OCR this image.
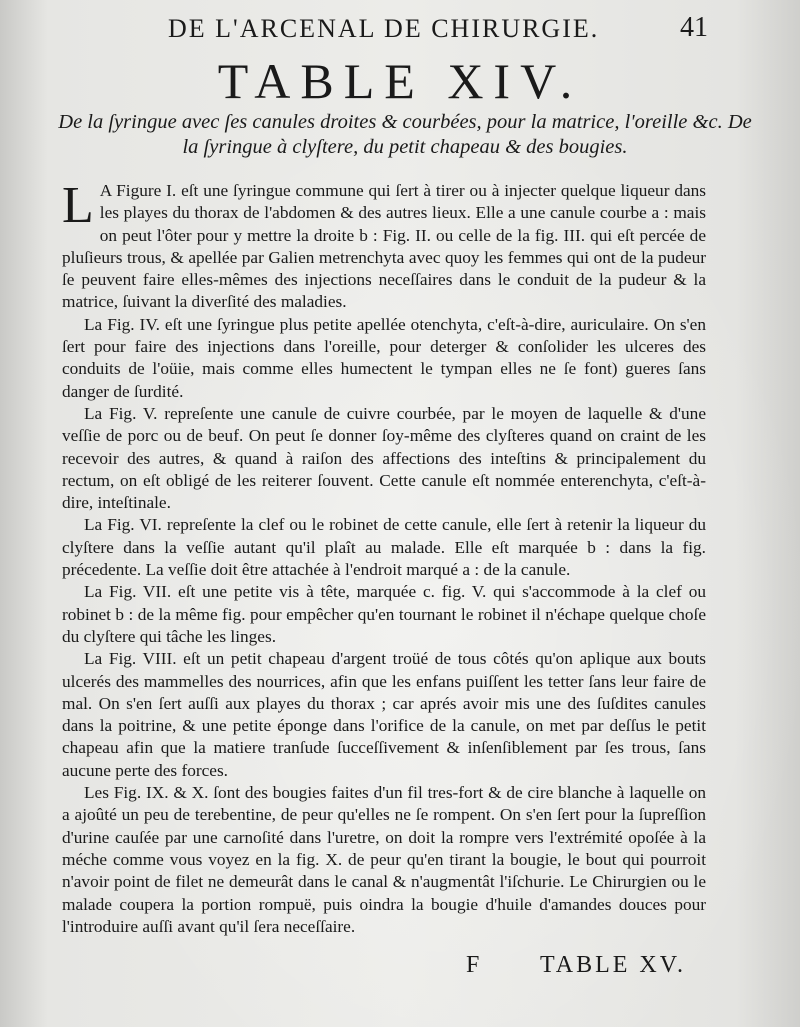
DE L'ARCENAL DE CHIRURGIE.	41
TABLE XIV.
De la ſyringue avec ſes canules droites & courbées, pour la matrice, l'oreille &c. De la ſyringue à clyſtere, du petit chapeau & des bougies.

L A Figure I. eſt une ſyringue commune qui ſert à tirer ou à injecter quelque liqueur dans les playes du thorax de l'abdomen & des autres lieux. Elle a une canule courbe a : mais on peut l'ôter pour y mettre la droite b : Fig. II. ou celle de la fig. III. qui eſt percée de pluſieurs trous, & apellée par Galien metrenchyta avec quoy les femmes qui ont de la pudeur ſe peuvent faire elles-mêmes des injections neceſſaires dans le conduit de la pudeur & la matrice, ſuivant la diverſité des maladies.

La Fig. IV. eſt une ſyringue plus petite apellée otenchyta, c'eſt-à-dire, auriculaire. On s'en ſert pour faire des injections dans l'oreille, pour deterger & conſolider les ulceres des conduits de l'oüie, mais comme elles humectent le tympan elles ne ſe font) gueres ſans danger de ſurdité.

La Fig. V. repreſente une canule de cuivre courbée, par le moyen de laquelle & d'une veſſie de porc ou de beuf. On peut ſe donner ſoy-même des clyſteres quand on craint de les recevoir des autres, & quand à raiſon des affections des inteſtins & principalement du rectum, on eſt obligé de les reiterer ſouvent. Cette canule eſt nommée enterenchyta, c'eſt-à-dire, inteſtinale.

La Fig. VI. repreſente la clef ou le robinet de cette canule, elle ſert à retenir la liqueur du clyſtere dans la veſſie autant qu'il plaît au malade. Elle eſt marquée b : dans la fig. précedente. La veſſie doit être attachée à l'endroit marqué a : de la canule.

La Fig. VII. eſt une petite vis à tête, marquée c. fig. V. qui s'accommode à la clef ou robinet b : de la même fig. pour empêcher qu'en tournant le robinet il n'échape quelque choſe du clyſtere qui tâche les linges.

La Fig. VIII. eſt un petit chapeau d'argent troüé de tous côtés qu'on aplique aux bouts ulcerés des mammelles des nourrices, afin que les enfans puiſſent les tetter ſans leur faire de mal. On s'en ſert auſſi aux playes du thorax ; car aprés avoir mis une des ſuſdites canules dans la poitrine, & une petite éponge dans l'orifice de la canule, on met par deſſus le petit chapeau afin que la matiere tranſude ſucceſſivement & inſenſiblement par ſes trous, ſans aucune perte des forces.

Les Fig. IX. & X. ſont des bougies faites d'un fil tres-fort & de cire blanche à laquelle on a ajoûté un peu de terebentine, de peur qu'elles ne ſe rompent. On s'en ſert pour la ſupreſſion d'urine cauſée par une carnoſité dans l'uretre, on doit la rompre vers l'extrémité opoſée à la méche comme vous voyez en la fig. X. de peur qu'en tirant la bougie, le bout qui pourroit n'avoir point de filet ne demeurât dans le canal & n'augmentât l'iſchurie. Le Chirurgien ou le malade coupera la portion rompuë, puis oindra la bougie d'huile d'amandes douces pour l'introduire auſſi avant qu'il ſera neceſſaire.

F	TABLE XV.
